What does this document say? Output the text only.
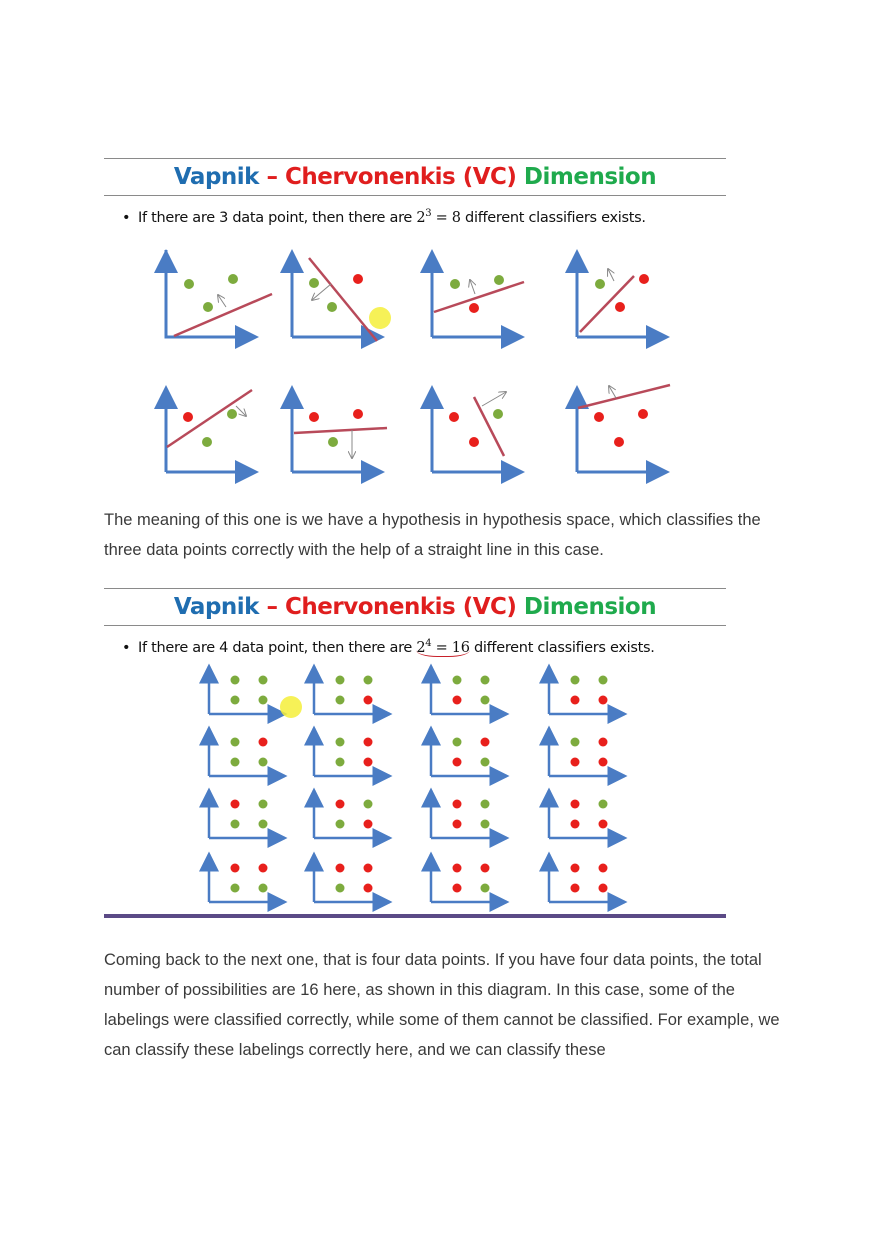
Vapnik – Chervonenkis (VC) Dimension
• If there are 3 data point, then there are $2^3 = 8$ different classifiers exists.

The meaning of this one is we have a hypothesis in hypothesis space, which classifies the three data points correctly with the help of a straight line in this case.

Vapnik – Chervonenkis (VC) Dimension
• If there are 4 data point, then there are $2^4 = 16$ different classifiers exists.

Coming back to the next one, that is four data points. If you have four data points, the total number of possibilities are 16 here, as shown in this diagram. In this case, some of the labelings were classified correctly, while some of them cannot be classified. For example, we can classify these labelings correctly here, and we can classify these
